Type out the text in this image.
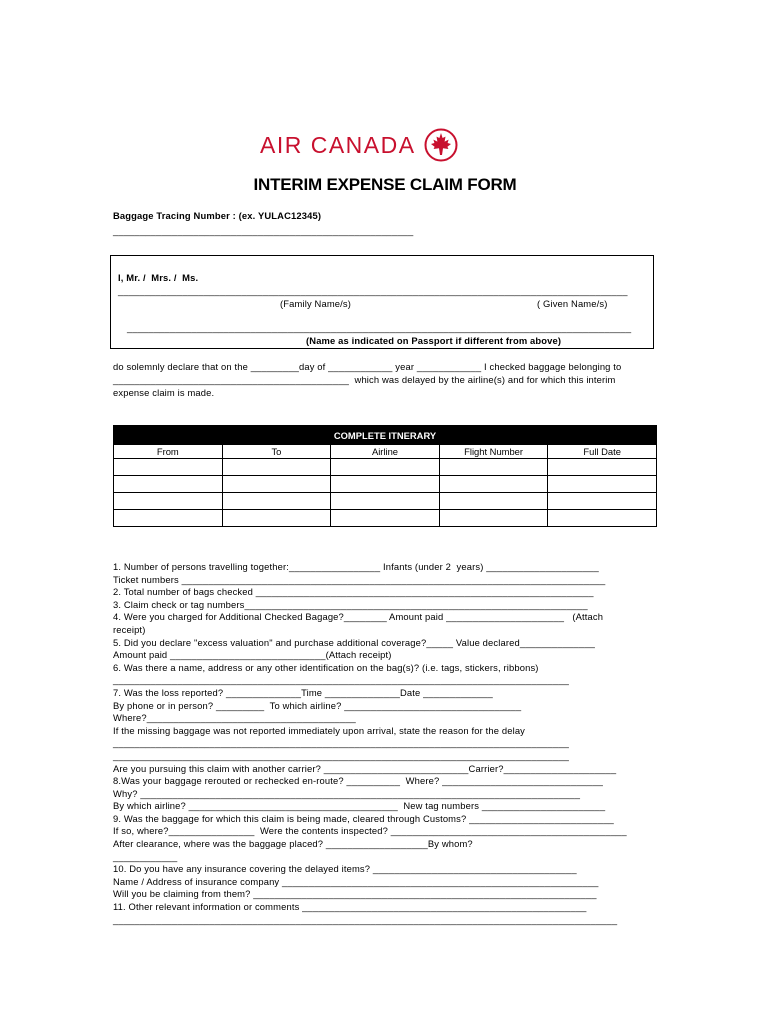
AIR CANADA
INTERIM EXPENSE CLAIM FORM
Baggage Tracing Number : (ex. YULAC12345)
________________________________________________________
I, Mr. /  Mrs. /  Ms.
_______________________________________________________________________________________________
(Family Name/s)	( Given Name/s)
______________________________________________________________________________________________
(Name as indicated on Passport if different from above)
do solemnly declare that on the _________day of ____________ year ____________ I checked baggage belonging to
____________________________________________  which was delayed by the airline(s) and for which this interim
expense claim is made.
COMPLETE ITNERARY				
From	To	Airline	Flight Number	Full Date

1. Number of persons travelling together:_________________ Infants (under 2  years) _____________________
Ticket numbers _______________________________________________________________________________
2. Total number of bags checked _______________________________________________________________
3. Claim check or tag numbers________________________________________________________________
4. Were you charged for Additional Checked Bagage?________ Amount paid ______________________   (Attach
receipt)
5. Did you declare "excess valuation" and purchase additional coverage?_____ Value declared______________
Amount paid _____________________________(Attach receipt)
6. Was there a name, address or any other identification on the bag(s)? (i.e. tags, stickers, ribbons)
_____________________________________________________________________________________
7. Was the loss reported? ______________Time ______________Date _____________
By phone or in person? _________  To which airline? _________________________________
Where?_______________________________________
If the missing baggage was not reported immediately upon arrival, state the reason for the delay
_____________________________________________________________________________________
_____________________________________________________________________________________
Are you pursuing this claim with another carrier? ___________________________Carrier?_____________________
8.Was your baggage rerouted or rechecked en-route? __________  Where? ______________________________
Why? __________________________________________________________________________________
By which airline? _______________________________________  New tag numbers _______________________
9. Was the baggage for which this claim is being made, cleared through Customs? ___________________________
If so, where?________________  Were the contents inspected? ____________________________________________
After clearance, where was the baggage placed? ___________________By whom?
____________
10. Do you have any insurance covering the delayed items? ______________________________________
Name / Address of insurance company ___________________________________________________________
Will you be claiming from them? ________________________________________________________________
11. Other relevant information or comments _____________________________________________________
______________________________________________________________________________________________
